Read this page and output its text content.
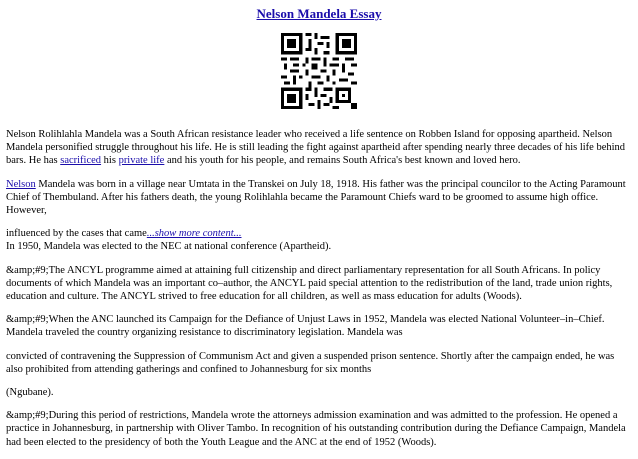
Nelson Mandela Essay

Nelson Rolihlahla Mandela was a South African resistance leader who received a life sentence on Robben Island for opposing apartheid. Nelson Mandela personified struggle throughout his life. He is still leading the fight against apartheid after spending nearly three decades of his life behind bars. He has sacrificed his private life and his youth for his people, and remains South Africa's best known and loved hero.

Nelson Mandela was born in a village near Umtata in the Transkei on July 18, 1918. His father was the principal councilor to the Acting Paramount Chief of Thembuland. After his fathers death, the young Rolihlahla became the Paramount Chiefs ward to be groomed to assume high office. However,

influenced by the cases that came...show more content...

In 1950, Mandela was elected to the NEC at national conference (Apartheid).

&amp;#9;The ANCYL programme aimed at attaining full citizenship and direct parliamentary representation for all South Africans. In policy documents of which Mandela was an important co–author, the ANCYL paid special attention to the redistribution of the land, trade union rights, education and culture. The ANCYL strived to free education for all children, as well as mass education for adults (Woods).

&amp;#9;When the ANC launched its Campaign for the Defiance of Unjust Laws in 1952, Mandela was elected National Volunteer–in–Chief. Mandela traveled the country organizing resistance to discriminatory legislation. Mandela was

convicted of contravening the Suppression of Communism Act and given a suspended prison sentence. Shortly after the campaign ended, he was also prohibited from attending gatherings and confined to Johannesburg for six months

(Ngubane).

&amp;#9;During this period of restrictions, Mandela wrote the attorneys admission examination and was admitted to the profession. He opened a practice in Johannesburg, in partnership with Oliver Tambo. In recognition of his outstanding contribution during the Defiance Campaign, Mandela had been elected to the presidency of both the Youth League and the ANC at the end of 1952 (Woods).
